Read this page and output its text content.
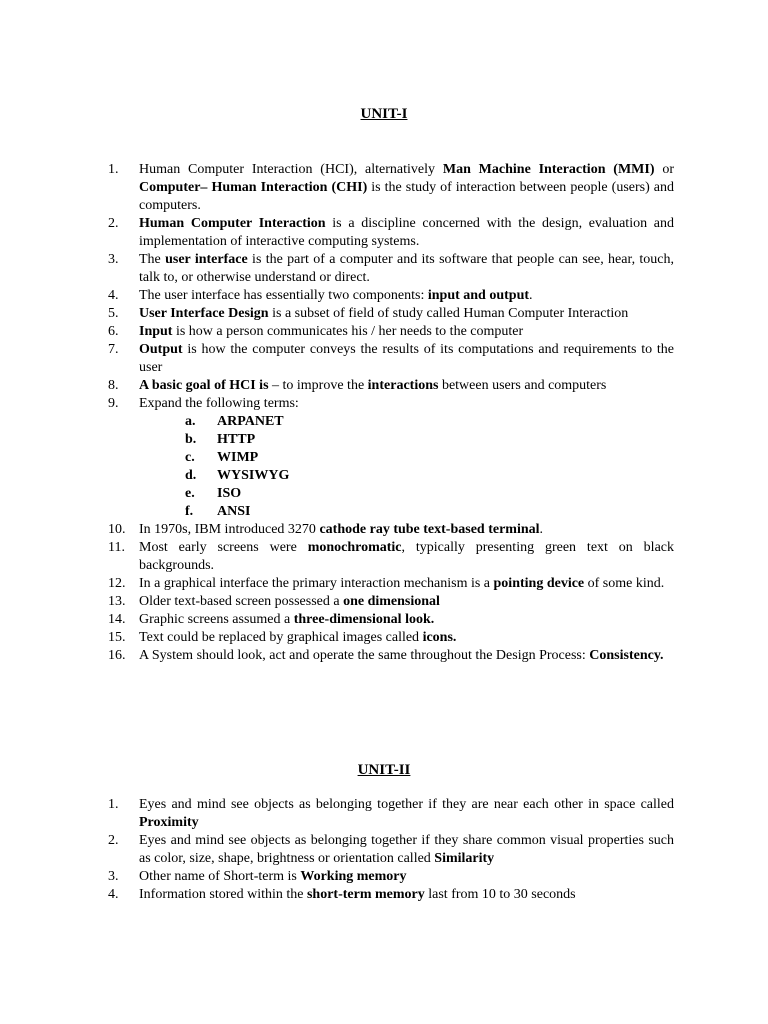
UNIT-I
1.	Human Computer Interaction (HCI), alternatively Man Machine Interaction (MMI) or Computer– Human Interaction (CHI) is the study of interaction between people (users) and computers.
2.	Human Computer Interaction is a discipline concerned with the design, evaluation and implementation of interactive computing systems.
3.	The user interface is the part of a computer and its software that people can see, hear, touch, talk to, or otherwise understand or direct.
4.	The user interface has essentially two components: input and output.
5.	User Interface Design is a subset of field of study called Human Computer Interaction
6.	Input is how a person communicates his / her needs to the computer
7.	Output is how the computer conveys the results of its computations and requirements to the user
8.	A basic goal of HCI is – to improve the interactions between users and computers
9.	Expand the following terms:
a. ARPANET
b. HTTP
c. WIMP
d. WYSIWYG
e. ISO
f. ANSI
10. In 1970s, IBM introduced 3270 cathode ray tube text-based terminal.
11.	Most early screens were monochromatic, typically presenting green text on black backgrounds.
12. In a graphical interface the primary interaction mechanism is a pointing device of some kind.
13. Older text-based screen possessed a one dimensional
14. Graphic screens assumed a three-dimensional look.
15. Text could be replaced by graphical images called icons.
16. A System should look, act and operate the same throughout the Design Process: Consistency.
UNIT-II
1.	Eyes and mind see objects as belonging together if they are near each other in space called Proximity
2.	Eyes and mind see objects as belonging together if they share common visual properties such as color, size, shape, brightness or orientation called Similarity
3.	Other name of Short-term is Working memory
4.	Information stored within the short-term memory last from 10 to 30 seconds
